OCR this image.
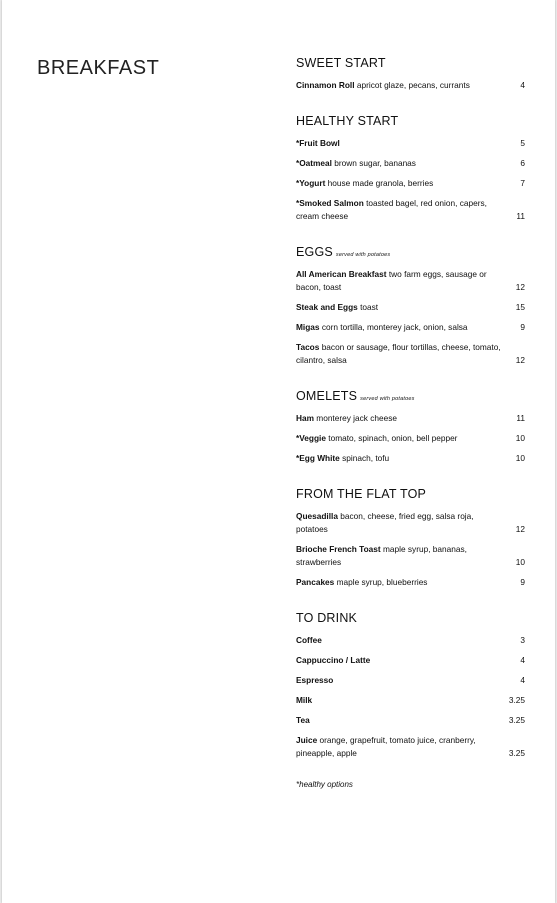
BREAKFAST	SWEET START
Cinnamon Roll apricot glaze, pecans, currants	4
HEALTHY START
*Fruit Bowl	5
*Oatmeal brown sugar, bananas	6
*Yogurt house made granola, berries	7
*Smoked Salmon toasted bagel, red onion, capers, cream cheese	11
EGGS served with potatoes
All American Breakfast two farm eggs, sausage or bacon, toast	12
Steak and Eggs toast	15
Migas corn tortilla, monterey jack, onion, salsa	9
Tacos bacon or sausage, flour tortillas, cheese, tomato, cilantro, salsa	12
OMELETS served with potatoes
Ham monterey jack cheese	11
*Veggie tomato, spinach, onion, bell pepper	10
*Egg White spinach, tofu	10
FROM THE FLAT TOP
Quesadilla bacon, cheese, fried egg, salsa roja, potatoes	12
Brioche French Toast maple syrup, bananas, strawberries	10
Pancakes maple syrup, blueberries	9
TO DRINK
Coffee	3
Cappuccino / Latte	4
Espresso	4
Milk	3.25
Tea	3.25
Juice orange, grapefruit, tomato juice, cranberry, pineapple, apple	3.25
*healthy options
